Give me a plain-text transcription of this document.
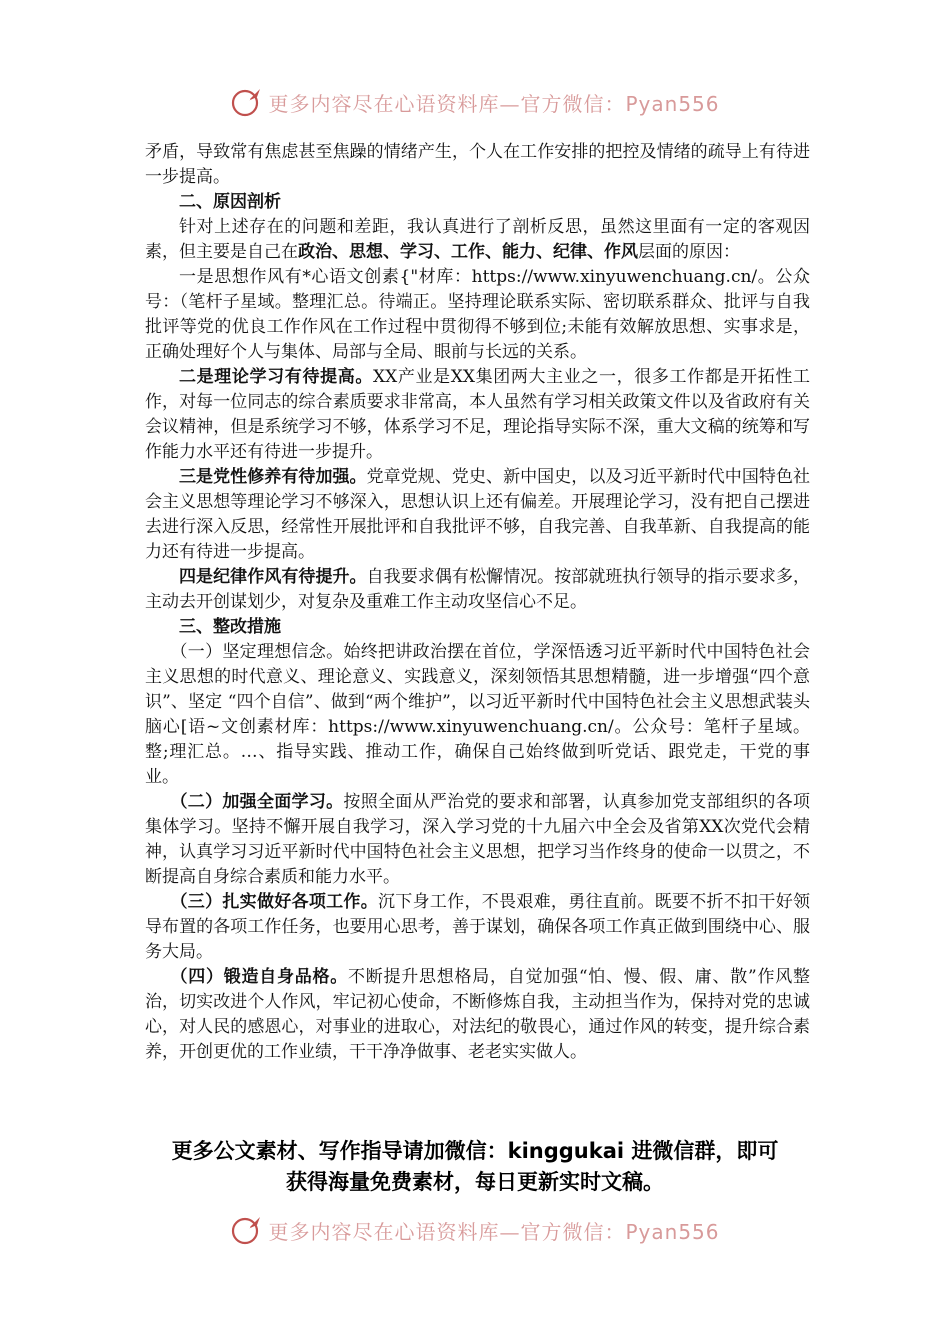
更多内容尽在心语资料库—官方微信：Pyan556

矛盾，导致常有焦虑甚至焦躁的情绪产生，个人在工作安排的把控及情绪的疏导上有待进一步提高。

二、原因剖析

针对上述存在的问题和差距，我认真进行了剖析反思，虽然这里面有一定的客观因素，但主要是自己在政治、思想、学习、工作、能力、纪律、作风层面的原因：

一是思想作风有*心语文创素{"材库：https://www.xinyuwenchuang.cn/。公众号：（笔杆子星域。整理汇总。待端正。坚持理论联系实际、密切联系群众、批评与自我批评等党的优良工作作风在工作过程中贯彻得不够到位;未能有效解放思想、实事求是，正确处理好个人与集体、局部与全局、眼前与长远的关系。

二是理论学习有待提高。XX产业是XX集团两大主业之一，很多工作都是开拓性工作，对每一位同志的综合素质要求非常高，本人虽然有学习相关政策文件以及省政府有关会议精神，但是系统学习不够，体系学习不足，理论指导实际不深，重大文稿的统筹和写作能力水平还有待进一步提升。

三是党性修养有待加强。党章党规、党史、新中国史，以及习近平新时代中国特色社会主义思想等理论学习不够深入，思想认识上还有偏差。开展理论学习，没有把自己摆进去进行深入反思，经常性开展批评和自我批评不够，自我完善、自我革新、自我提高的能力还有待进一步提高。

四是纪律作风有待提升。自我要求偶有松懈情况。按部就班执行领导的指示要求多，主动去开创谋划少，对复杂及重难工作主动攻坚信心不足。

三、整改措施

（一）坚定理想信念。始终把讲政治摆在首位，学深悟透习近平新时代中国特色社会主义思想的时代意义、理论意义、实践意义，深刻领悟其思想精髓，进一步增强“四个意识”、坚定 “四个自信”、做到“两个维护”，以习近平新时代中国特色社会主义思想武装头脑心[语~文创素材库：https://www.xinyuwenchuang.cn/。公众号：笔杆子星域。整;理汇总。…、指导实践、推动工作，确保自己始终做到听党话、跟党走，干党的事业。

（二）加强全面学习。按照全面从严治党的要求和部署，认真参加党支部组织的各项集体学习。坚持不懈开展自我学习，深入学习党的十九届六中全会及省第XX次党代会精神，认真学习习近平新时代中国特色社会主义思想，把学习当作终身的使命一以贯之，不断提高自身综合素质和能力水平。

（三）扎实做好各项工作。沉下身工作，不畏艰难，勇往直前。既要不折不扣干好领导布置的各项工作任务，也要用心思考，善于谋划，确保各项工作真正做到围绕中心、服务大局。

（四）锻造自身品格。不断提升思想格局，自觉加强“怕、慢、假、庸、散”作风整治，切实改进个人作风，牢记初心使命，不断修炼自我，主动担当作为，保持对党的忠诚心，对人民的感恩心，对事业的进取心，对法纪的敬畏心，通过作风的转变，提升综合素养，开创更优的工作业绩，干干净净做事、老老实实做人。

更多公文素材、写作指导请加微信：kinggukai 进微信群，即可
获得海量免费素材，每日更新实时文稿。
更多内容尽在心语资料库—官方微信：Pyan556
